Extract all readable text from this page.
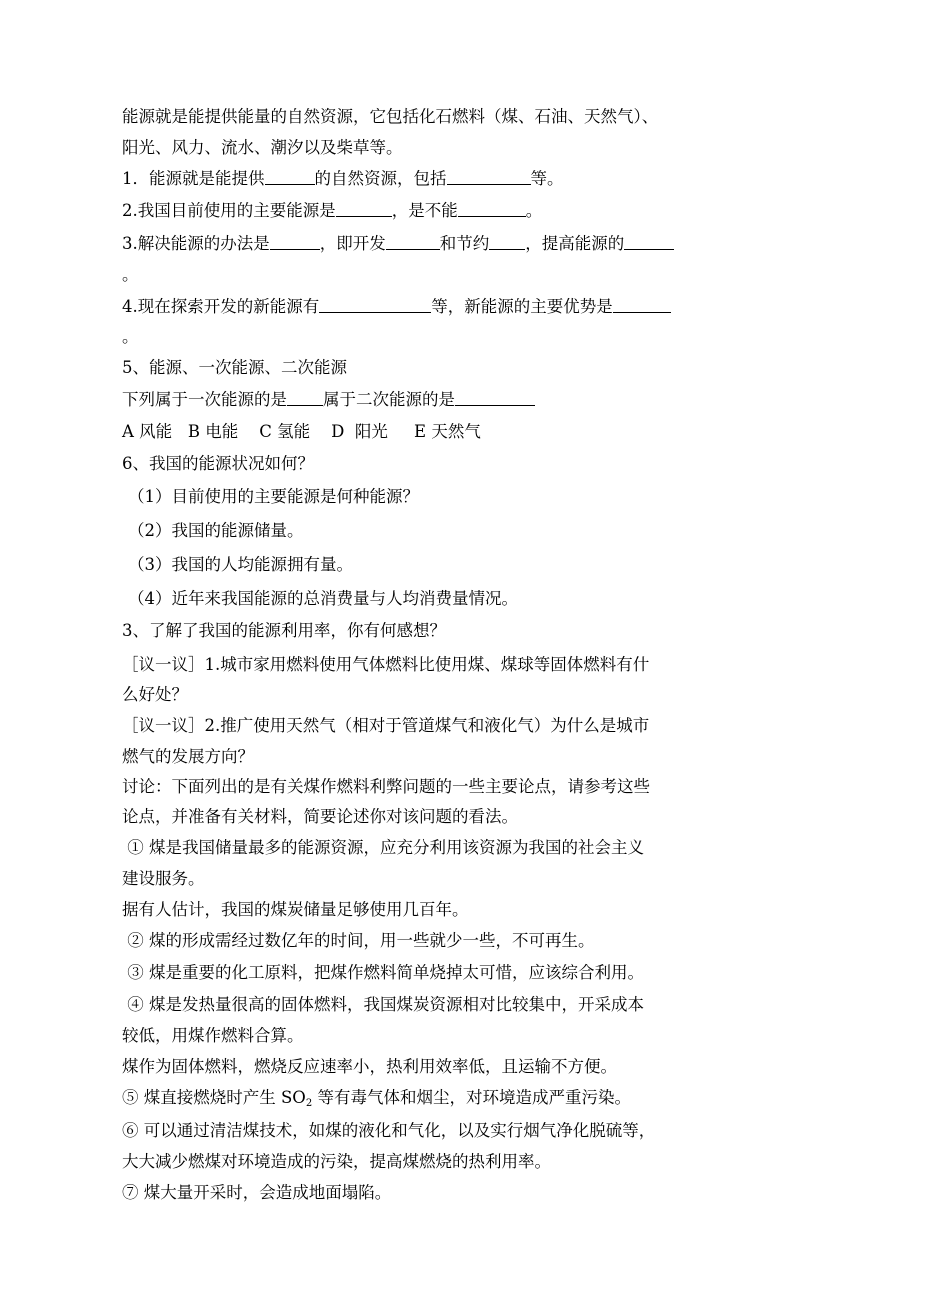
能源就是能提供能量的自然资源，它包括化石燃料（煤、石油、天然气）、
阳光、风力、流水、潮汐以及柴草等。
1．能源就是能提供	的自然资源，包括	等。
2.我国目前使用的主要能源是	，是不能	。
3.解决能源的办法是	，即开发	和节约 ，提高能源的
。
4.现在探索开发的新能源有	等，新能源的主要优势是
。
5、能源、一次能源、二次能源
下列属于一次能源的是 属于二次能源的是
A 风能   B 电能    C 氢能    D  阳光     E 天然气
6、我国的能源状况如何？
（1）目前使用的主要能源是何种能源？
（2）我国的能源储量。
（3）我国的人均能源拥有量。
（4）近年来我国能源的总消费量与人均消费量情况。
3、了解了我国的能源利用率，你有何感想？
［议一议］1.城市家用燃料使用气体燃料比使用煤、煤球等固体燃料有什
么好处？
［议一议］2.推广使用天然气（相对于管道煤气和液化气）为什么是城市
燃气的发展方向？
讨论：下面列出的是有关煤作燃料利弊问题的一些主要论点，请参考这些
论点，并准备有关材料，简要论述你对该问题的看法。
① 煤是我国储量最多的能源资源，应充分利用该资源为我国的社会主义
建设服务。
据有人估计，我国的煤炭储量足够使用几百年。
② 煤的形成需经过数亿年的时间，用一些就少一些，不可再生。
③ 煤是重要的化工原料，把煤作燃料简单烧掉太可惜，应该综合利用。
④ 煤是发热量很高的固体燃料，我国煤炭资源相对比较集中，开采成本
较低，用煤作燃料合算。
煤作为固体燃料，燃烧反应速率小，热利用效率低，且运输不方便。
⑤ 煤直接燃烧时产生 $SO_2$ 等有毒气体和烟尘，对环境造成严重污染。
⑥ 可以通过清洁煤技术，如煤的液化和气化，以及实行烟气净化脱硫等，
大大减少燃煤对环境造成的污染，提高煤燃烧的热利用率。
⑦ 煤大量开采时，会造成地面塌陷。
